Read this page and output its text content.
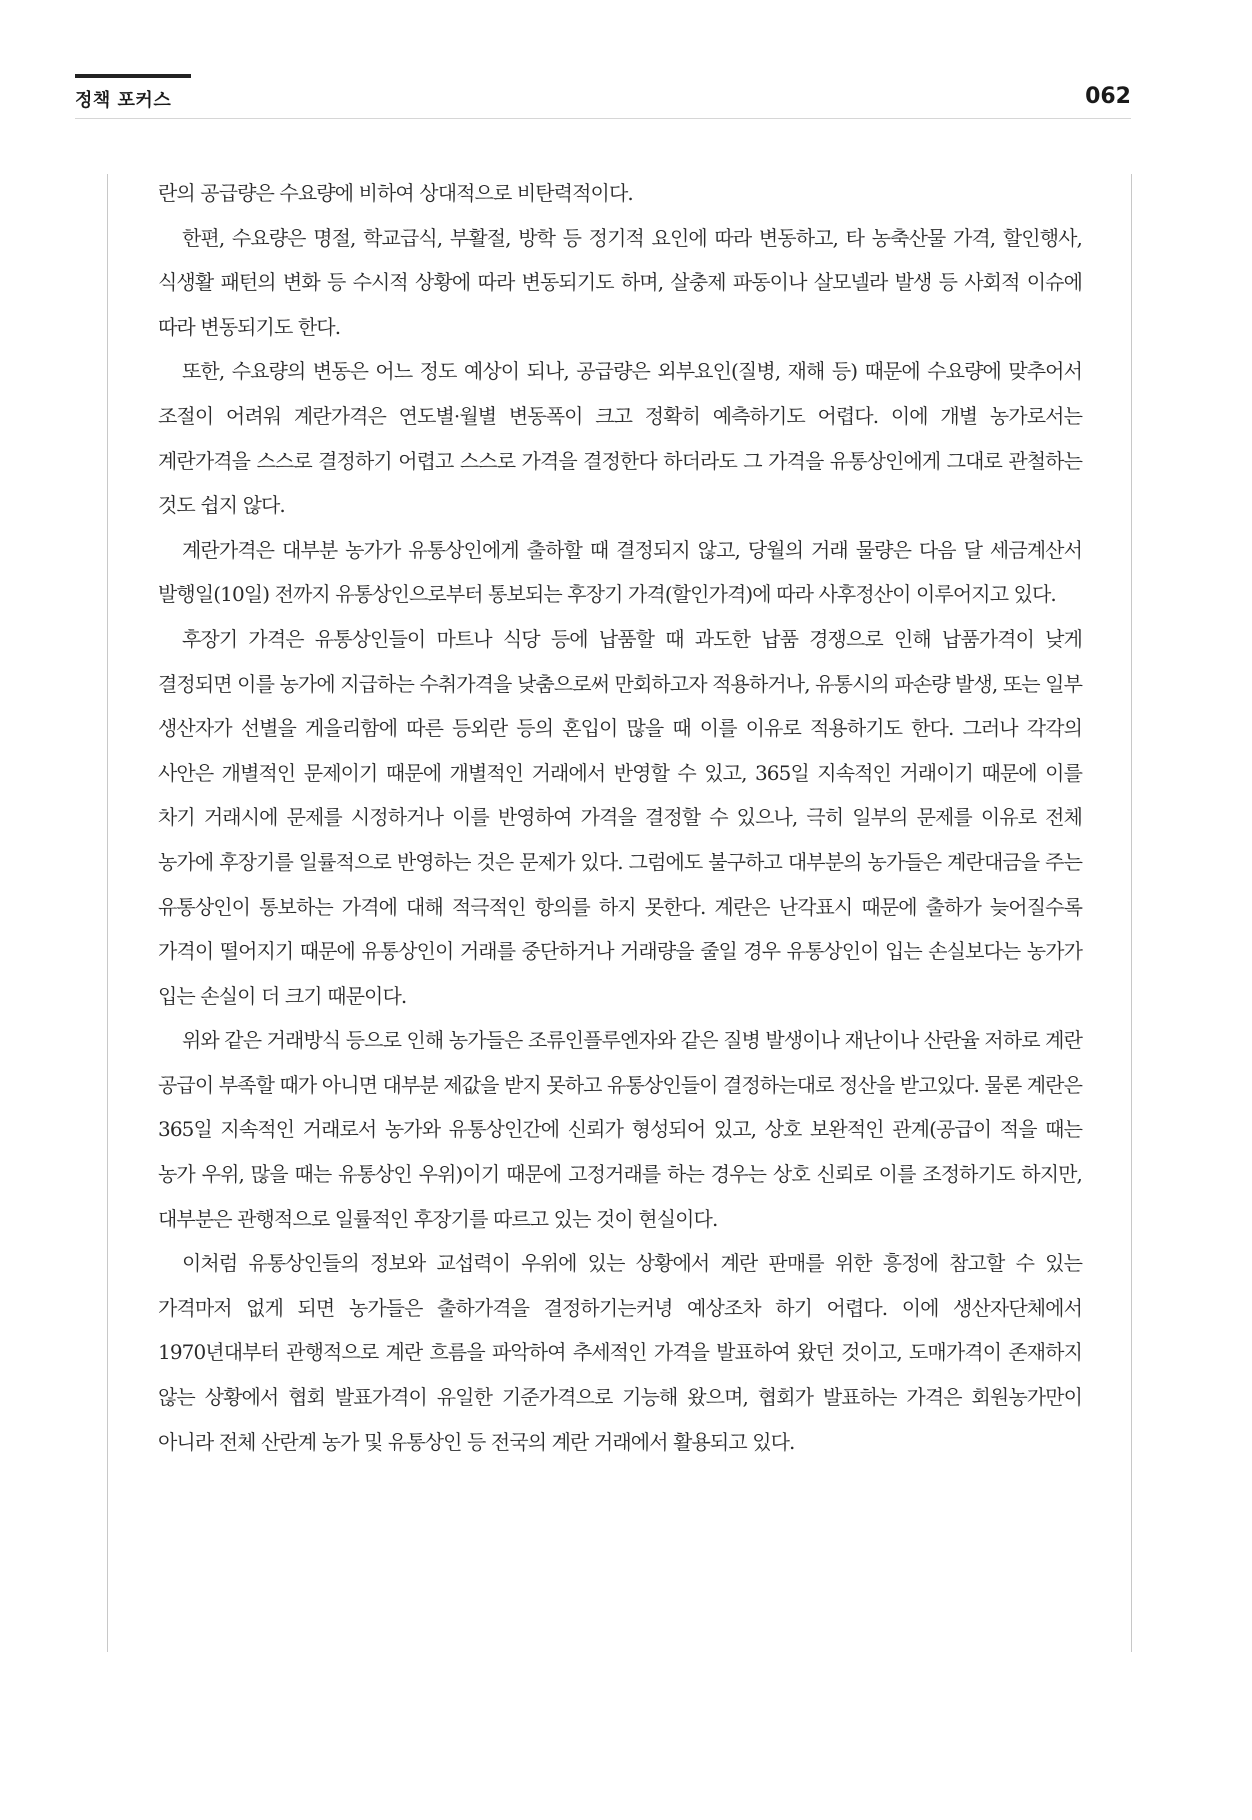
정책 포커스	062

란의 공급량은 수요량에 비하여 상대적으로 비탄력적이다.

한편, 수요량은 명절, 학교급식, 부활절, 방학 등 정기적 요인에 따라 변동하고, 타 농축산물 가격, 할인행사, 식생활 패턴의 변화 등 수시적 상황에 따라 변동되기도 하며, 살충제 파동이나 살모넬라 발생 등 사회적 이슈에 따라 변동되기도 한다.

또한, 수요량의 변동은 어느 정도 예상이 되나, 공급량은 외부요인(질병, 재해 등) 때문에 수요량에 맞추어서 조절이 어려워 계란가격은 연도별·월별 변동폭이 크고 정확히 예측하기도 어렵다. 이에 개별 농가로서는 계란가격을 스스로 결정하기 어렵고 스스로 가격을 결정한다 하더라도 그 가격을 유통상인에게 그대로 관철하는 것도 쉽지 않다.

계란가격은 대부분 농가가 유통상인에게 출하할 때 결정되지 않고, 당월의 거래 물량은 다음 달 세금계산서 발행일(10일) 전까지 유통상인으로부터 통보되는 후장기 가격(할인가격)에 따라 사후정산이 이루어지고 있다.

후장기 가격은 유통상인들이 마트나 식당 등에 납품할 때 과도한 납품 경쟁으로 인해 납품가격이 낮게 결정되면 이를 농가에 지급하는 수취가격을 낮춤으로써 만회하고자 적용하거나, 유통시의 파손량 발생, 또는 일부 생산자가 선별을 게을리함에 따른 등외란 등의 혼입이 많을 때 이를 이유로 적용하기도 한다. 그러나 각각의 사안은 개별적인 문제이기 때문에 개별적인 거래에서 반영할 수 있고, 365일 지속적인 거래이기 때문에 이를 차기 거래시에 문제를 시정하거나 이를 반영하여 가격을 결정할 수 있으나, 극히 일부의 문제를 이유로 전체 농가에 후장기를 일률적으로 반영하는 것은 문제가 있다. 그럼에도 불구하고 대부분의 농가들은 계란대금을 주는 유통상인이 통보하는 가격에 대해 적극적인 항의를 하지 못한다. 계란은 난각표시 때문에 출하가 늦어질수록 가격이 떨어지기 때문에 유통상인이 거래를 중단하거나 거래량을 줄일 경우 유통상인이 입는 손실보다는 농가가 입는 손실이 더 크기 때문이다.

위와 같은 거래방식 등으로 인해 농가들은 조류인플루엔자와 같은 질병 발생이나 재난이나 산란율 저하로 계란 공급이 부족할 때가 아니면 대부분 제값을 받지 못하고 유통상인들이 결정하는대로 정산을 받고있다. 물론 계란은 365일 지속적인 거래로서 농가와 유통상인간에 신뢰가 형성되어 있고, 상호 보완적인 관계(공급이 적을 때는 농가 우위, 많을 때는 유통상인 우위)이기 때문에 고정거래를 하는 경우는 상호 신뢰로 이를 조정하기도 하지만, 대부분은 관행적으로 일률적인 후장기를 따르고 있는 것이 현실이다.

이처럼 유통상인들의 정보와 교섭력이 우위에 있는 상황에서 계란 판매를 위한 흥정에 참고할 수 있는 가격마저 없게 되면 농가들은 출하가격을 결정하기는커녕 예상조차 하기 어렵다. 이에 생산자단체에서 1970년대부터 관행적으로 계란 흐름을 파악하여 추세적인 가격을 발표하여 왔던 것이고, 도매가격이 존재하지 않는 상황에서 협회 발표가격이 유일한 기준가격으로 기능해 왔으며, 협회가 발표하는 가격은 회원농가만이 아니라 전체 산란계 농가 및 유통상인 등 전국의 계란 거래에서 활용되고 있다.
